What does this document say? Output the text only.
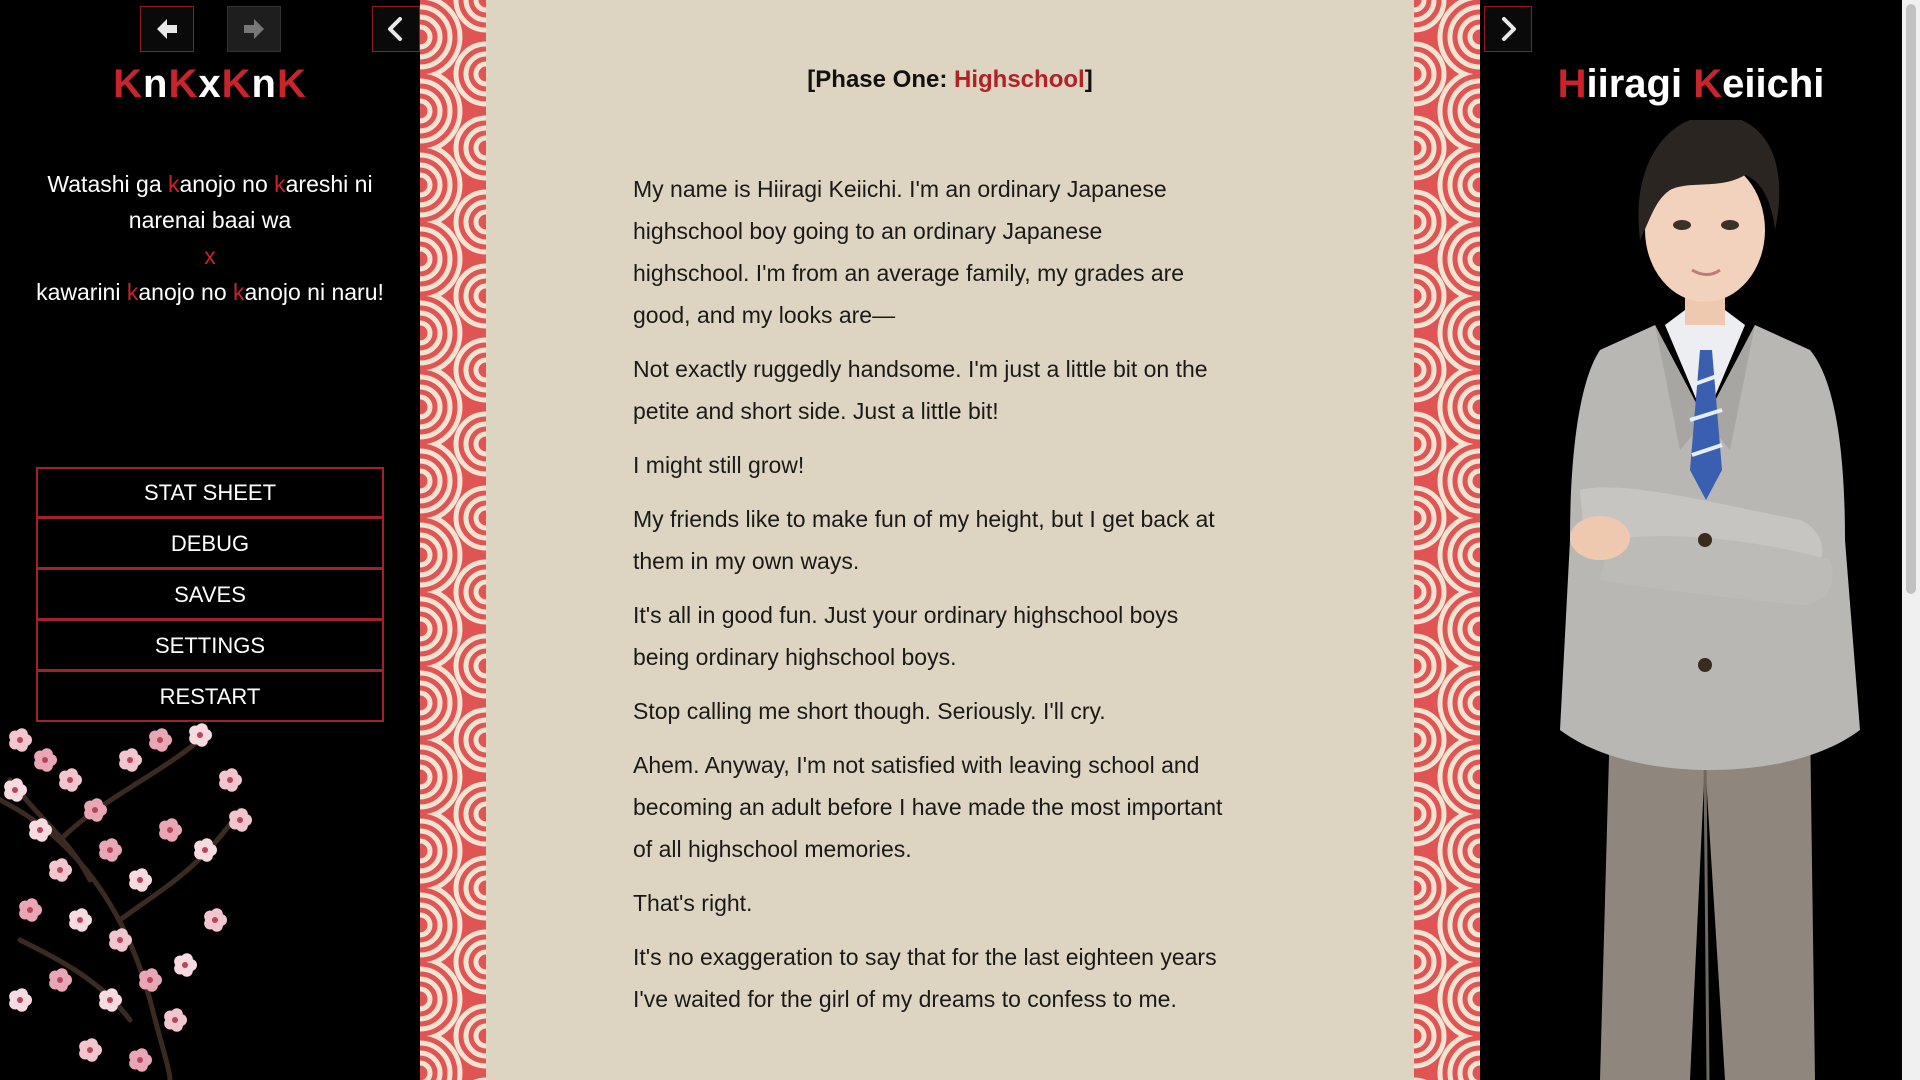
KnKxKnK
Watashi ga kanojo no kareshi ni narenai baai wa
x
kawarini kanojo no kanojo ni naru!
STAT SHEET
DEBUG
SAVES
SETTINGS
RESTART
[Phase One: Highschool]

My name is Hiiragi Keiichi. I'm an ordinary Japanese highschool boy going to an ordinary Japanese highschool. I'm from an average family, my grades are good, and my looks are—

Not exactly ruggedly handsome. I'm just a little bit on the petite and short side. Just a little bit!

I might still grow!

My friends like to make fun of my height, but I get back at them in my own ways.

It's all in good fun. Just your ordinary highschool boys being ordinary highschool boys.

Stop calling me short though. Seriously. I'll cry.

Ahem. Anyway, I'm not satisfied with leaving school and becoming an adult before I have made the most important of all highschool memories.

That's right.

It's no exaggeration to say that for the last eighteen years I've waited for the girl of my dreams to confess to me.

Hiiragi Keiichi
